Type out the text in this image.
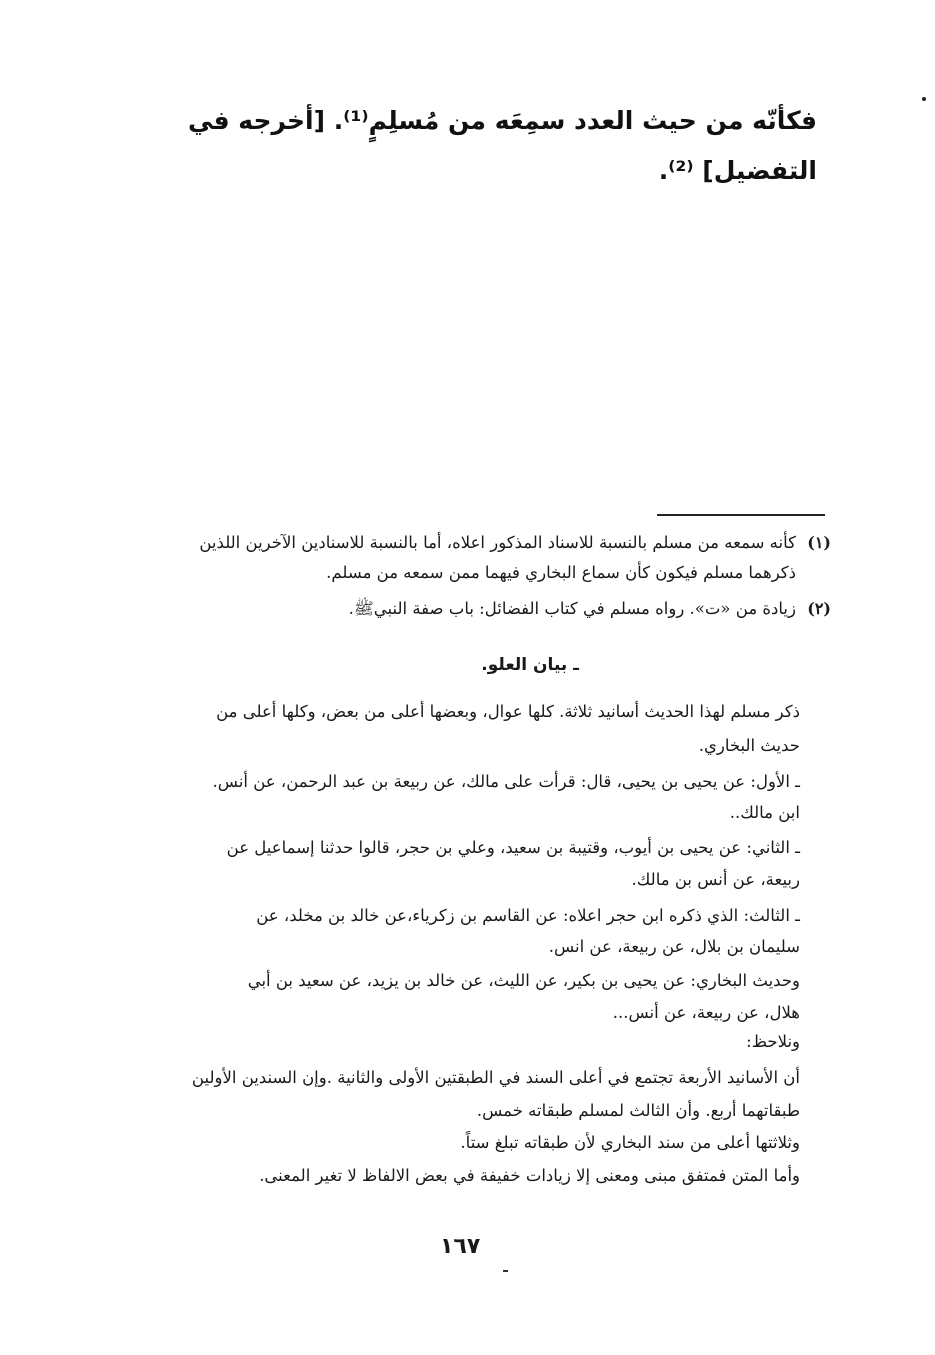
فكأنّه من حيث العدد سمِعَه من مُسلِمٍ⁽¹⁾. [أخرجه في
التفضيل] ⁽²⁾.
(١)
كأنه سمعه من مسلم بالنسبة للاسناد المذكور اعلاه، أما بالنسبة للاسنادين الآخرين اللذين
ذكرهما مسلم فيكون كأن سماع البخاري فيهما ممن سمعه من مسلم.
(٢)
زيادة من «ت». رواه مسلم في كتاب الفضائل: باب صفة النبيﷺ.
ـ بيان العلو.
ذكر مسلم لهذا الحديث أسانيد ثلاثة. كلها عوال، وبعضها أعلى من بعض، وكلها أعلى من
حديث البخاري.
ـ الأول: عن يحيى بن يحيى، قال: قرأت على مالك، عن ربيعة بن عبد الرحمن، عن أنس.
ابن مالك..
ـ الثاني: عن يحيى بن أيوب، وقتيبة بن سعيد، وعلي بن حجر، قالوا حدثنا إسماعيل عن
ربيعة، عن أنس بن مالك.
ـ الثالث: الذي ذكره ابن حجر اعلاه: عن القاسم بن زكرياء،عن خالد بن مخلد، عن
سليمان بن بلال، عن ربيعة، عن انس.
وحديث البخاري: عن يحيى بن بكير، عن الليث، عن خالد بن يزيد، عن سعيد بن أبي
هلال، عن ربيعة، عن أنس...
ونلاحظ:
أن الأسانيد الأربعة تجتمع في أعلى السند في الطبقتين الأولى والثانية .وإن السندين الأولين
طبقاتهما أربع. وأن الثالث لمسلم طبقاته خمس.
وثلاثتها أعلى من سند البخاري لأن طبقاته تبلغ ستاً.
وأما المتن فمتفق مبنى ومعنى إلا زيادات خفيفة في بعض الالفاظ لا تغير المعنى.
١٦٧
